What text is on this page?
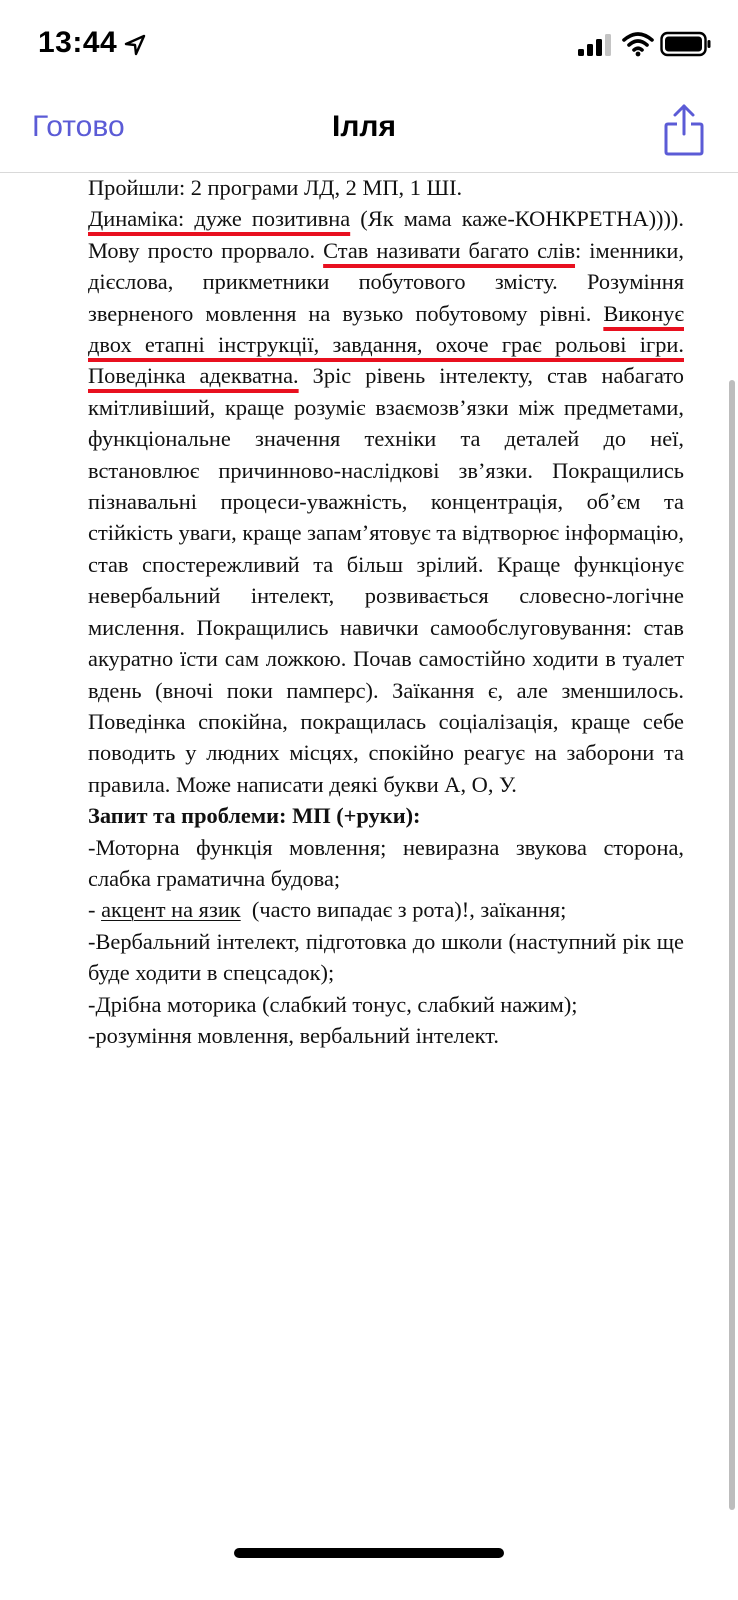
13:44
Готово	Ілля

Пройшли: 2 програми ЛД, 2 МП, 1 ШІ.

Динаміка: дуже позитивна (Як мама каже-КОНКРЕТНА)))). Мову просто прорвало. Став називати багато слів: іменники, дієслова, прикметники побутового змісту. Розуміння зверненого мовлення на вузько побутовому рівні. Виконує двох етапні інструкції, завдання, охоче грає рольові ігри. Поведінка адекватна. Зріс рівень інтелекту, став набагато кмітливіший, краще розуміє взаємозв’язки між предметами, функціональне значення техніки та деталей до неї, встановлює причинново-наслідкові зв’язки. Покращились пізнавальні процеси-уважність, концентрація, об’єм та стійкість уваги, краще запам’ятовує та відтворює інформацію, став спостережливий та більш зрілий. Краще функціонує невербальний інтелект, розвивається словесно-логічне мислення. Покращились навички самообслуговування: став акуратно їсти сам ложкою. Почав самостійно ходити в туалет вдень (вночі поки памперс). Заїкання є, але зменшилось. Поведінка спокійна, покращилась соціалізація, краще себе поводить у людних місцях, спокійно реагує на заборони та правила. Може написати деякі букви А, О, У.

Запит та проблеми: МП (+руки):

-Моторна функція мовлення; невиразна звукова сторона, слабка граматична будова;

- акцент на язик  (часто випадає з рота)!, заїкання;

-Вербальний інтелект, підготовка до школи (наступний рік ще буде ходити в спецсадок);

-Дрібна моторика (слабкий тонус, слабкий нажим);

-розуміння мовлення, вербальний інтелект.
